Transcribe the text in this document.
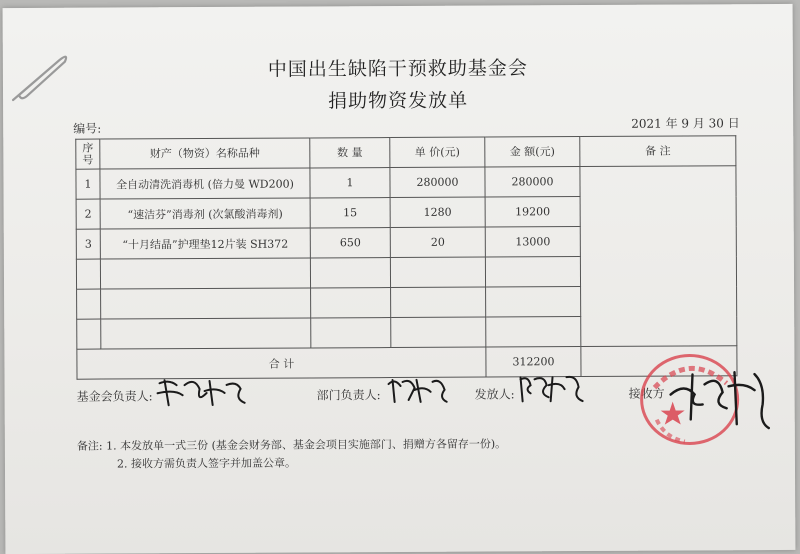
中国出生缺陷干预救助基金会
捐助物资发放单
编号:	2021 年 9 月 30 日
序号	财产（物资）名称品种	数 量	单 价(元)	金 额(元)	备 注
1	全自动清洗消毒机 (倍力曼 WD200)	1	280000	280000	
2	“速洁芬”消毒剂 (次氯酸消毒剂)	15	1280	19200	
3	“十月结晶”护理垫12片装 SH372	650	20	13000	

合 计				312200	
基金会负责人:	部门负责人:	发放人:	接收方
备注: 1. 本发放单一式三份 (基金会财务部、基金会项目实施部门、捐赠方各留存一份)。
2. 接收方需负责人签字并加盖公章。
